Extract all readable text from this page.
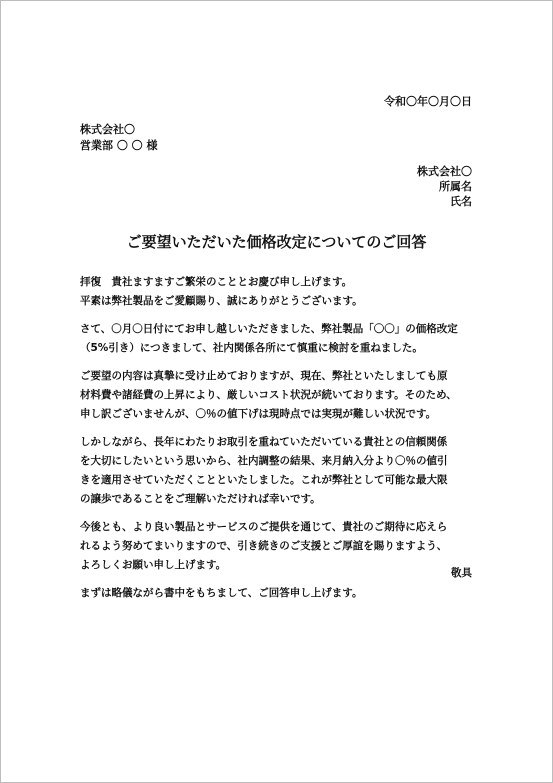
令和〇年〇月〇日
株式会社〇
営業部 〇 〇 様
株式会社〇
所属名
氏名
ご要望いただいた価格改定についてのご回答
拝復　貴社ますますご繁栄のこととお慶び申し上げます。
平素は弊社製品をご愛顧賜り、誠にありがとうございます。
さて、〇月〇日付にてお申し越しいただきました、弊社製品「〇〇」の価格改定
（5%引き）につきまして、社内関係各所にて慎重に検討を重ねました。
ご要望の内容は真摯に受け止めておりますが、現在、弊社といたしましても原
材料費や諸経費の上昇により、厳しいコスト状況が続いております。そのため、
申し訳ございませんが、〇％の値下げは現時点では実現が難しい状況です。
しかしながら、長年にわたりお取引を重ねていただいている貴社との信頼関係
を大切にしたいという思いから、社内調整の結果、来月納入分より〇％の値引
きを適用させていただくことといたしました。これが弊社として可能な最大限
の譲歩であることをご理解いただければ幸いです。
今後とも、より良い製品とサービスのご提供を通じて、貴社のご期待に応えら
れるよう努めてまいりますので、引き続きのご支援とご厚誼を賜りますよう、
よろしくお願い申し上げます。
まずは略儀ながら書中をもちまして、ご回答申し上げます。
敬具
